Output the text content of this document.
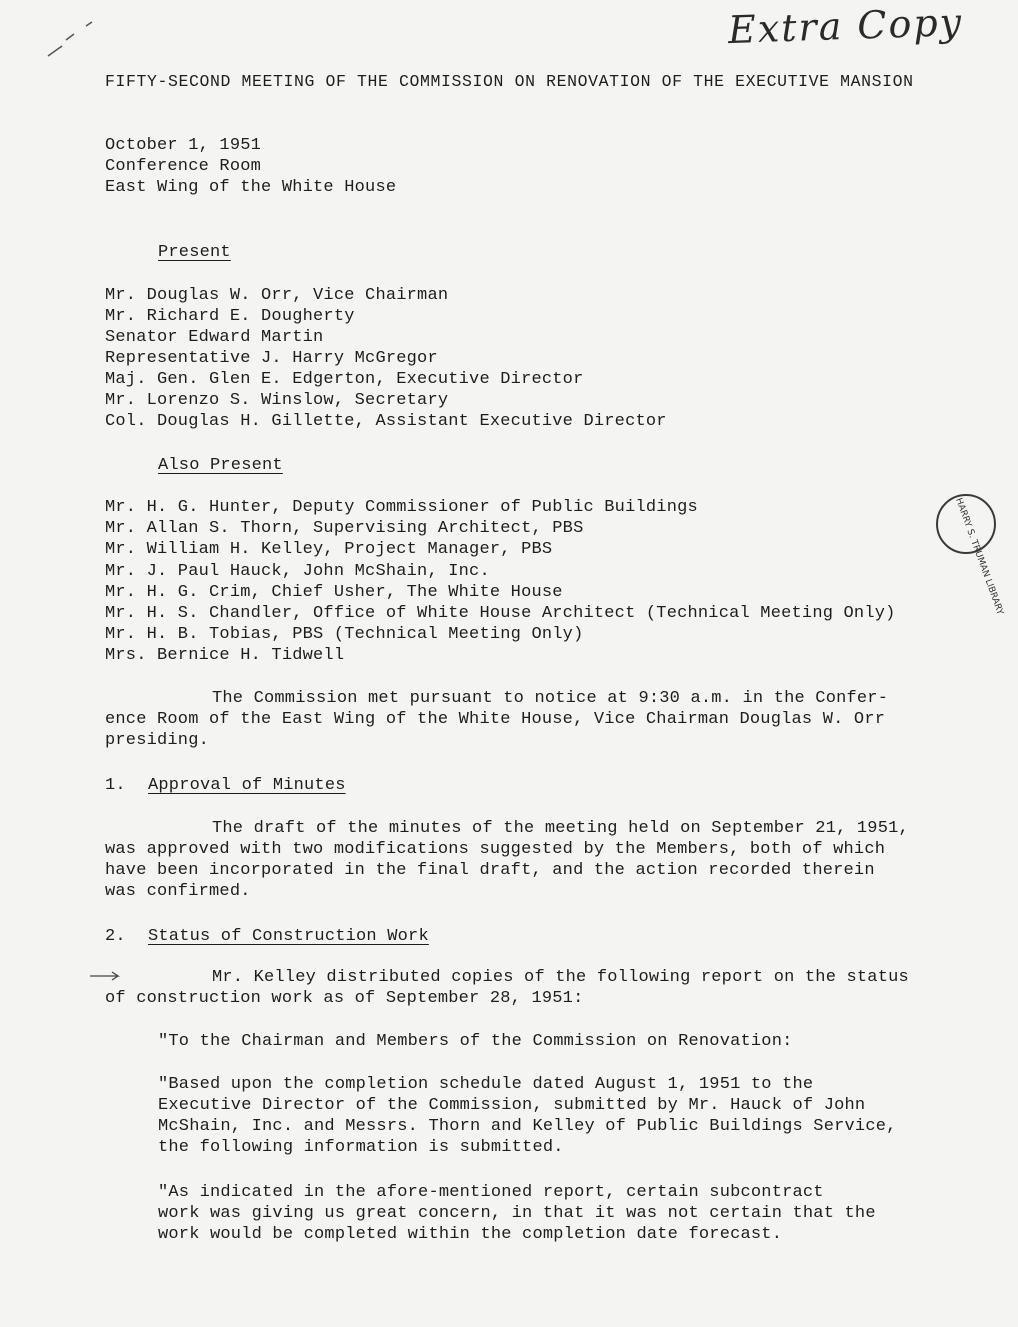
Extra Copy
FIFTY-SECOND MEETING OF THE COMMISSION ON RENOVATION OF THE EXECUTIVE MANSION
October 1, 1951
Conference Room
East Wing of the White House
Present
Mr. Douglas W. Orr, Vice Chairman
Mr. Richard E. Dougherty
Senator Edward Martin
Representative J. Harry McGregor
Maj. Gen. Glen E. Edgerton, Executive Director
Mr. Lorenzo S. Winslow, Secretary
Col. Douglas H. Gillette, Assistant Executive Director
Also Present
Mr. H. G. Hunter, Deputy Commissioner of Public Buildings
Mr. Allan S. Thorn, Supervising Architect, PBS
Mr. William H. Kelley, Project Manager, PBS
Mr. J. Paul Hauck, John McShain, Inc.
Mr. H. G. Crim, Chief Usher, The White House
Mr. H. S. Chandler, Office of White House Architect (Technical Meeting Only)
Mr. H. B. Tobias, PBS (Technical Meeting Only)
Mrs. Bernice H. Tidwell
HARRY S. TRUMAN LIBRARY
The Commission met pursuant to notice at 9:30 a.m. in the Confer-
ence Room of the East Wing of the White House, Vice Chairman Douglas W. Orr
presiding.
1. Approval of Minutes
The draft of the minutes of the meeting held on September 21, 1951,
was approved with two modifications suggested by the Members, both of which
have been incorporated in the final draft, and the action recorded therein
was confirmed.
2. Status of Construction Work
Mr. Kelley distributed copies of the following report on the status
of construction work as of September 28, 1951:
"To the Chairman and Members of the Commission on Renovation:
"Based upon the completion schedule dated August 1, 1951 to the
Executive Director of the Commission, submitted by Mr. Hauck of John
McShain, Inc. and Messrs. Thorn and Kelley of Public Buildings Service,
the following information is submitted.
"As indicated in the afore-mentioned report, certain subcontract
work was giving us great concern, in that it was not certain that the
work would be completed within the completion date forecast.
